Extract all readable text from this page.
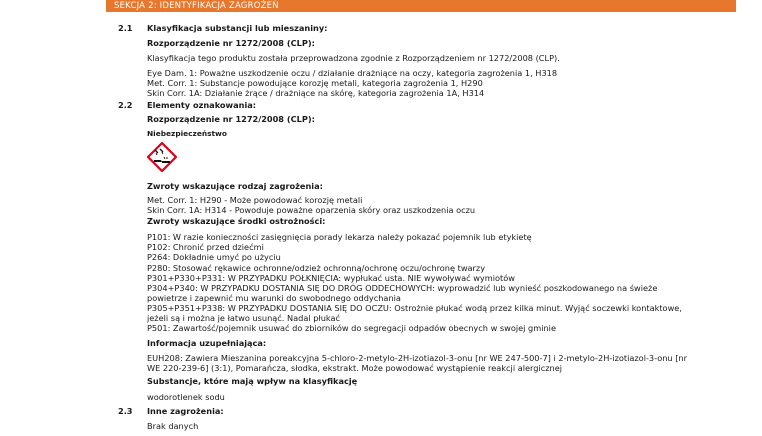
SEKCJA 2: IDENTYFIKACJA ZAGROŻEŃ
2.1 Klasyfikacja substancji lub mieszaniny:
Rozporządzenie nr 1272/2008 (CLP):
Klasyfikacja tego produktu została przeprowadzona zgodnie z Rozporządzeniem nr 1272/2008 (CLP).
Eye Dam. 1: Poważne uszkodzenie oczu / działanie drażniące na oczy, kategoria zagrożenia 1, H318
Met. Corr. 1: Substancje powodujące korozję metali, kategoria zagrożenia 1, H290
Skin Corr. 1A: Działanie żrące / drażniące na skórę, kategoria zagrożenia 1A, H314
2.2 Elementy oznakowania:
Rozporządzenie nr 1272/2008 (CLP):
Niebezpieczeństwo
Zwroty wskazujące rodzaj zagrożenia:
Met. Corr. 1: H290 - Może powodować korozję metali
Skin Corr. 1A: H314 - Powoduje poważne oparzenia skóry oraz uszkodzenia oczu
Zwroty wskazujące środki ostrożności:
P101: W razie konieczności zasięgnięcia porady lekarza należy pokazać pojemnik lub etykietę
P102: Chronić przed dziećmi
P264: Dokładnie umyć po użyciu
P280: Stosować rękawice ochronne/odzież ochronną/ochronę oczu/ochronę twarzy
P301+P330+P331: W PRZYPADKU POŁKNIĘCIA: wypłukać usta. NIE wywoływać wymiotów
P304+P340: W PRZYPADKU DOSTANIA SIĘ DO DRÓG ODDECHOWYCH: wyprowadzić lub wynieść poszkodowanego na świeże
powietrze i zapewnić mu warunki do swobodnego oddychania
P305+P351+P338: W PRZYPADKU DOSTANIA SIĘ DO OCZU: Ostrożnie płukać wodą przez kilka minut. Wyjąć soczewki kontaktowe,
jeżeli są i można je łatwo usunąć. Nadal płukać
P501: Zawartość/pojemnik usuwać do zbiorników do segregacji odpadów obecnych w swojej gminie
Informacja uzupełniająca:
EUH208: Zawiera Mieszanina poreakcyjna 5-chloro-2-metylo-2H-izotiazol-3-onu [nr WE 247-500-7] i 2-metylo-2H-izotiazol-3-onu [nr
WE 220-239-6] (3:1), Pomarańcza, słodka, ekstrakt. Może powodować wystąpienie reakcji alergicznej
Substancje, które mają wpływ na klasyfikację
wodorotlenek sodu
2.3 Inne zagrożenia:
Brak danych
